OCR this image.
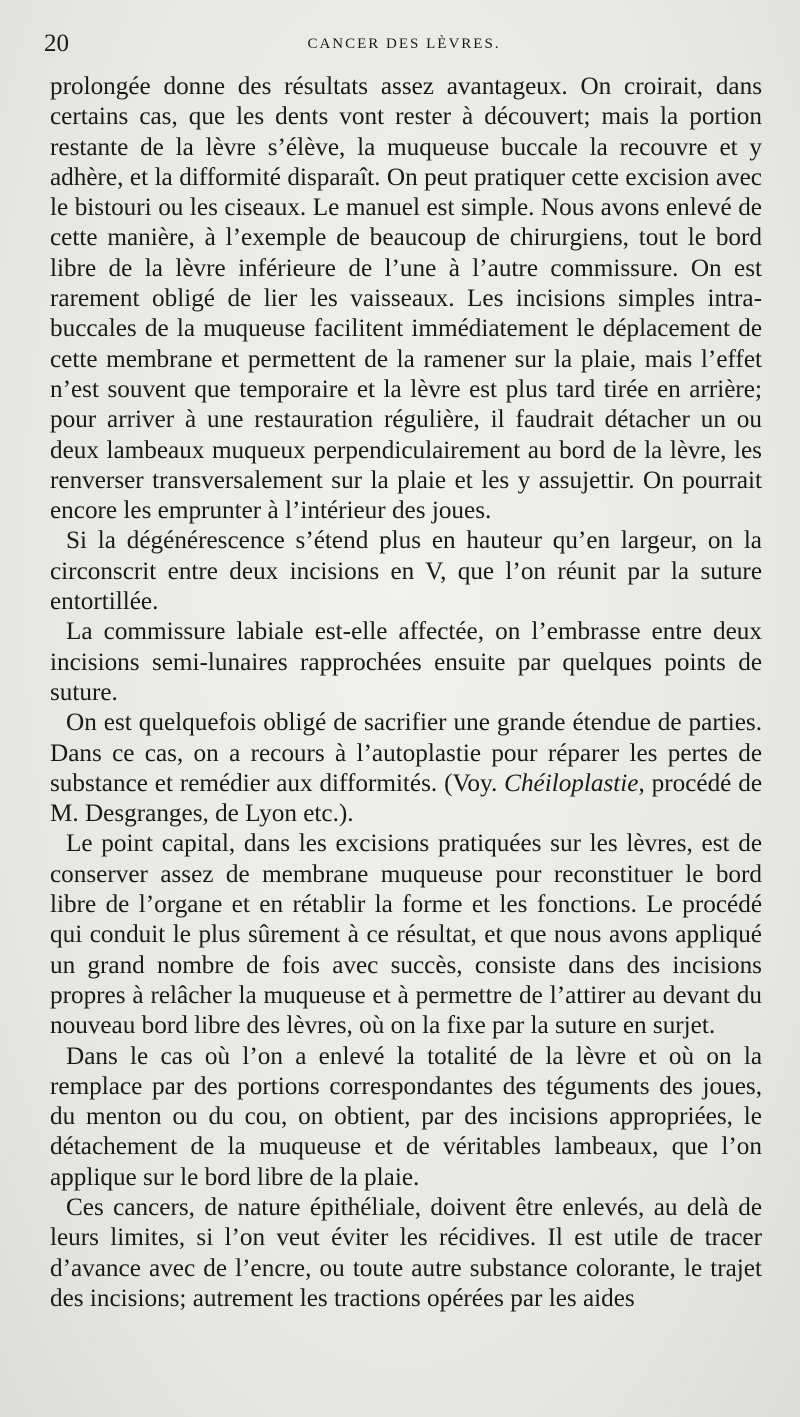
20	CANCER DES LÈVRES.

prolongée donne des résultats assez avantageux. On croirait, dans certains cas, que les dents vont rester à découvert; mais la portion restante de la lèvre s’élève, la muqueuse buccale la recouvre et y adhère, et la difformité disparaît. On peut pratiquer cette excision avec le bistouri ou les ciseaux. Le manuel est simple. Nous avons enlevé de cette manière, à l’exemple de beaucoup de chirurgiens, tout le bord libre de la lèvre inférieure de l’une à l’autre commissure. On est rarement obligé de lier les vaisseaux. Les incisions simples intra-buccales de la muqueuse facilitent immédiatement le déplacement de cette membrane et permettent de la ramener sur la plaie, mais l’effet n’est souvent que temporaire et la lèvre est plus tard tirée en arrière; pour arriver à une restauration régulière, il faudrait détacher un ou deux lambeaux muqueux perpendiculairement au bord de la lèvre, les renverser transversalement sur la plaie et les y assujettir. On pourrait encore les emprunter à l’intérieur des joues.

Si la dégénérescence s’étend plus en hauteur qu’en largeur, on la circonscrit entre deux incisions en V, que l’on réunit par la suture entortillée.

La commissure labiale est-elle affectée, on l’embrasse entre deux incisions semi-lunaires rapprochées ensuite par quelques points de suture.

On est quelquefois obligé de sacrifier une grande étendue de parties. Dans ce cas, on a recours à l’autoplastie pour réparer les pertes de substance et remédier aux difformités. (Voy. Chéiloplastie, procédé de M. Desgranges, de Lyon etc.).

Le point capital, dans les excisions pratiquées sur les lèvres, est de conserver assez de membrane muqueuse pour reconstituer le bord libre de l’organe et en rétablir la forme et les fonctions. Le procédé qui conduit le plus sûrement à ce résultat, et que nous avons appliqué un grand nombre de fois avec succès, consiste dans des incisions propres à relâcher la muqueuse et à permettre de l’attirer au devant du nouveau bord libre des lèvres, où on la fixe par la suture en surjet.

Dans le cas où l’on a enlevé la totalité de la lèvre et où on la remplace par des portions correspondantes des téguments des joues, du menton ou du cou, on obtient, par des incisions appropriées, le détachement de la muqueuse et de véritables lambeaux, que l’on applique sur le bord libre de la plaie.

Ces cancers, de nature épithéliale, doivent être enlevés, au delà de leurs limites, si l’on veut éviter les récidives. Il est utile de tracer d’avance avec de l’encre, ou toute autre substance colorante, le trajet des incisions; autrement les tractions opérées par les aides
